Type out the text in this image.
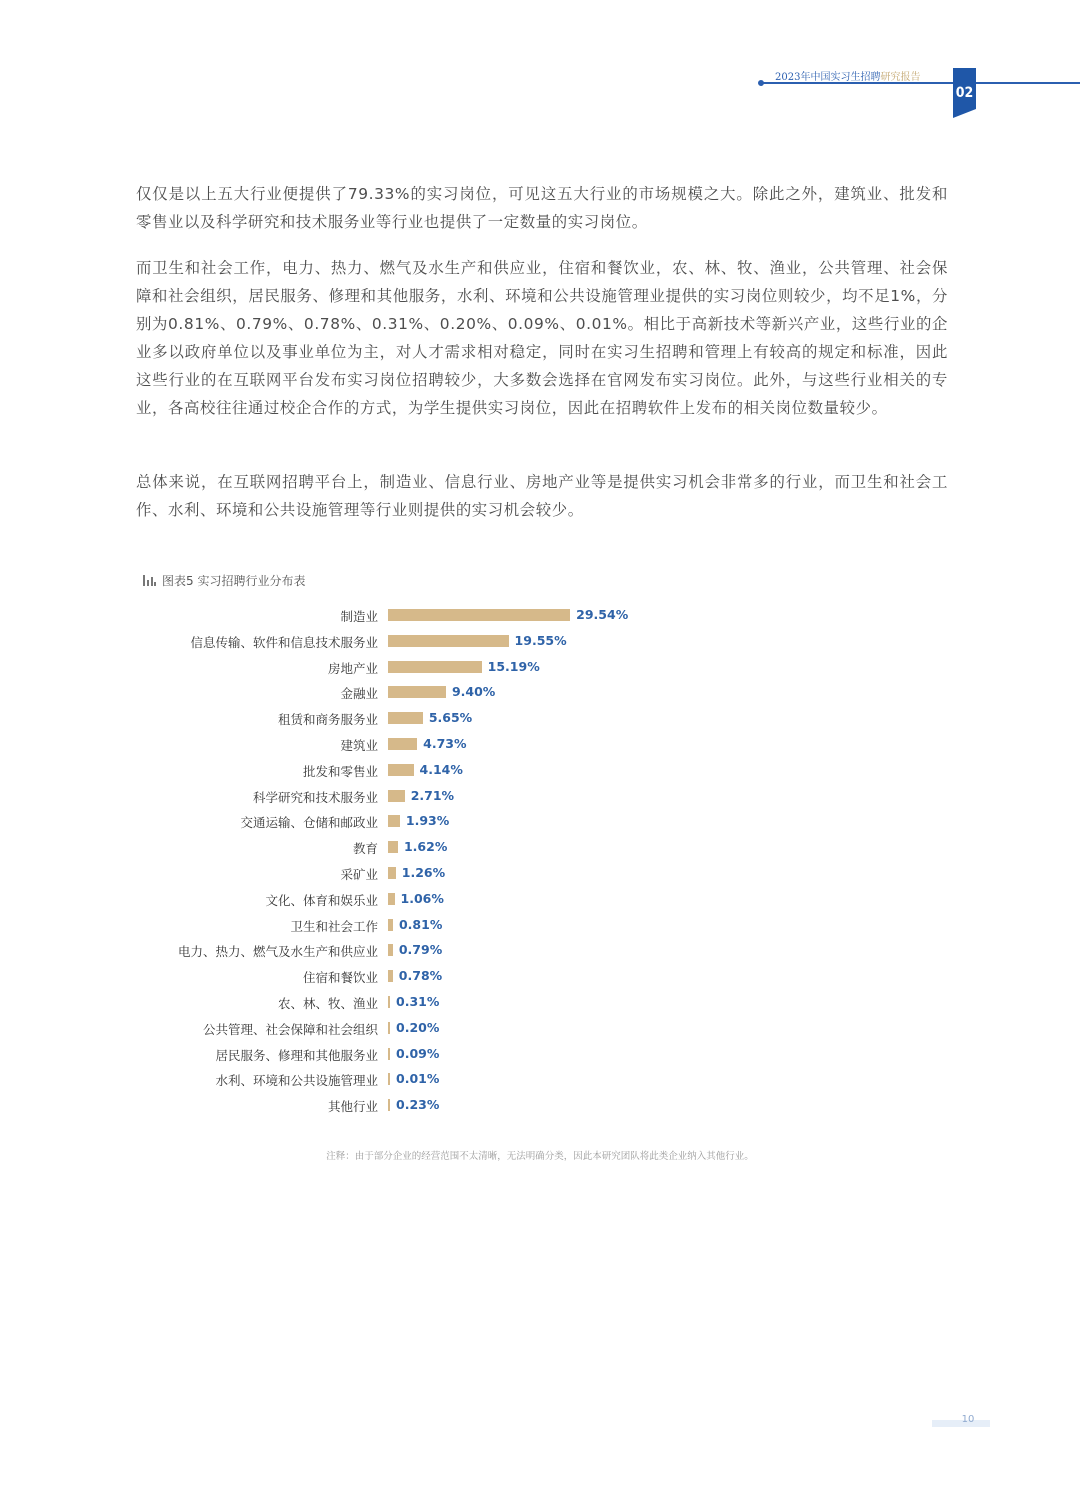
2023年中国实习生招聘研究报告
02

仅仅是以上五大行业便提供了79.33%的实习岗位，可见这五大行业的市场规模之大。除此之外，建筑业、批发和零售业以及科学研究和技术服务业等行业也提供了一定数量的实习岗位。

而卫生和社会工作，电力、热力、燃气及水生产和供应业，住宿和餐饮业，农、林、牧、渔业，公共管理、社会保障和社会组织，居民服务、修理和其他服务，水利、环境和公共设施管理业提供的实习岗位则较少，均不足1%，分别为0.81%、0.79%、0.78%、0.31%、0.20%、0.09%、0.01%。相比于高新技术等新兴产业，这些行业的企业多以政府单位以及事业单位为主，对人才需求相对稳定，同时在实习生招聘和管理上有较高的规定和标准，因此这些行业的在互联网平台发布实习岗位招聘较少，大多数会选择在官网发布实习岗位。此外，与这些行业相关的专业，各高校往往通过校企合作的方式，为学生提供实习岗位，因此在招聘软件上发布的相关岗位数量较少。

总体来说，在互联网招聘平台上，制造业、信息行业、房地产业等是提供实习机会非常多的行业，而卫生和社会工作、水利、环境和公共设施管理等行业则提供的实习机会较少。

图表5 实习招聘行业分布表
制造业	29.54%
信息传输、软件和信息技术服务业	19.55%
房地产业	15.19%
金融业	9.40%
租赁和商务服务业	5.65%
建筑业	4.73%
批发和零售业	4.14%
科学研究和技术服务业	2.71%
交通运输、仓储和邮政业 1.93%
教育 1.62%
采矿业 1.26%
文化、体育和娱乐业 1.06%
卫生和社会工作 0.81%
电力、热力、燃气及水生产和供应业 0.79%
住宿和餐饮业 0.78%
农、林、牧、渔业 0.31%
公共管理、社会保障和社会组织 0.20%
居民服务、修理和其他服务业 0.09%
水利、环境和公共设施管理业 0.01%
其他行业 0.23%
注释：由于部分企业的经营范围不太清晰，无法明确分类，因此本研究团队将此类企业纳入其他行业。
10
